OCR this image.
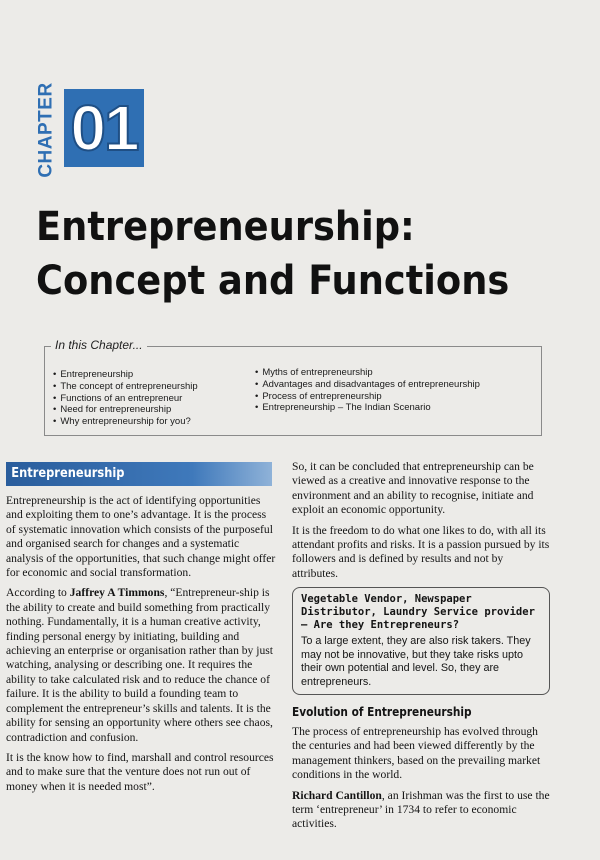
CHAPTER 01
Entrepreneurship:
Concept and Functions
In this Chapter...
• Entrepreneurship
• The concept of entrepreneurship
• Functions of an entrepreneur
• Need for entrepreneurship
• Why entrepreneurship for you?
• Myths of entrepreneurship
• Advantages and disadvantages of entrepreneurship
• Process of entrepreneurship
• Entrepreneurship – The Indian Scenario
Entrepreneurship

Entrepreneurship is the act of identifying opportunities and exploiting them to one’s advantage. It is the process of systematic innovation which consists of the purposeful and organised search for changes and a systematic analysis of the opportunities, that such change might offer for economic and social transformation.

According to Jaffrey A Timmons, “Entrepreneur-ship is the ability to create and build something from practically nothing. Fundamentally, it is a human creative activity, finding personal energy by initiating, building and achieving an enterprise or organisation rather than by just watching, analysing or describing one. It requires the ability to take calculated risk and to reduce the chance of failure. It is the ability to build a founding team to complement the entrepreneur’s skills and talents. It is the ability for sensing an opportunity where others see chaos, contradiction and confusion.

It is the know how to find, marshall and control resources and to make sure that the venture does not run out of money when it is needed most”.

So, it can be concluded that entrepreneurship can be viewed as a creative and innovative response to the environment and an ability to recognise, initiate and exploit an economic opportunity.

It is the freedom to do what one likes to do, with all its attendant profits and risks. It is a passion pursued by its followers and is defined by results and not by attributes.

Vegetable Vendor, Newspaper Distributor, Laundry Service provider — Are they Entrepreneurs?
To a large extent, they are also risk takers. They may not be innovative, but they take risks upto their own potential and level. So, they are entrepreneurs.
Evolution of Entrepreneurship

The process of entrepreneurship has evolved through the centuries and had been viewed differently by the management thinkers, based on the prevailing market conditions in the world.

Richard Cantillon, an Irishman was the first to use the term ‘entrepreneur’ in 1734 to refer to economic activities.
